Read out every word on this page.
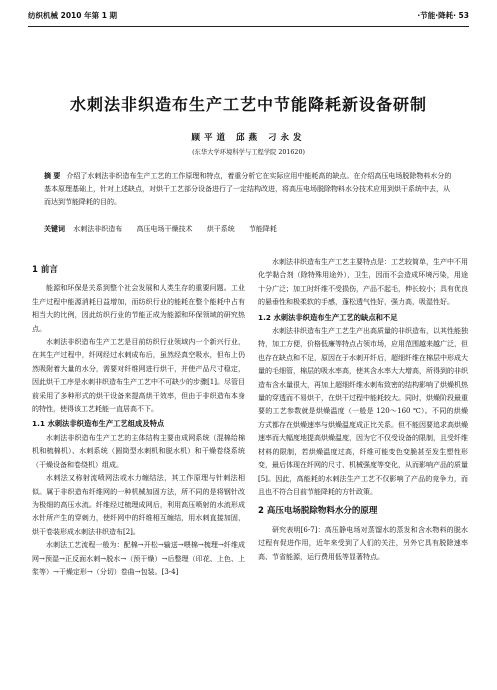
纺织机械 2010 年第 1 期	·节能·降耗· 53
水刺法非织造布生产工艺中节能降耗新设备研制
顾平道 邱燕 刁永发
(东华大学环境科学与工程学院 201620)
摘 要 介绍了水刺法非织造布生产工艺的工作原理和特点，着重分析它在实际应用中能耗高的缺点。在介绍高压电场脱除物料水分的基本原理基础上，针对上述缺点，对烘干工艺部分设备进行了一定结构改进，将高压电场脱除物料水分技术应用到烘干系统中去，从而达到节能降耗的目的。
关键词 水刺法非织造布 高压电场干燥技术 烘干系统 节能降耗
1 前言

能源和环保是关系到整个社会发展和人类生存的重要问题。工业生产过程中能源消耗日益增加，而纺织行业的能耗在整个能耗中占有相当大的比例，因此纺织行业的节能正成为能源和环保领域的研究热点。

水刺法非织造布生产工艺是目前纺织行业领域内一个新兴行业，在其生产过程中，纤网经过水刺成布后，虽然经真空吸水，但布上仍然吸附着大量的水分，需要对纤维网进行烘干，并使产品尺寸稳定，因此烘干工序是水刺非织造布生产工艺中不可缺少的步骤[1]。尽管目前采用了多种形式的烘干设备来提高烘干效率，但由于非织造布本身的特性，使得该工艺耗能一直居高不下。

1.1 水刺法非织造布生产工艺组成及特点

水刺法非织造布生产工艺的主体结构主要由成网系统（混棉给棉机和梳棉机）、水刺系统（圆筒型水刺机和脱水机）和干燥卷绕系统（干燥设备和卷绕机）组成。

水刺法又称射流喷网法或水力缠结法，其工作原理与针刺法相似。属于非织造布纤维网的一种机械加固方法，所不同的是将钢针改为极细的高压水流。纤维经过梳理成网后，利用高压喷射的水流形成水针所产生的穿刺力，使纤网中的纤维相互缠结，用水刺直接加固，烘干卷装形成水刺法非织造布[2]。

水刺法工艺流程一般为：配棉→开松→输送→喂棉→梳理→纤维成网→预湿→正反面水刺→脱水→（预干燥）→后整理（印花、上色、上浆等）→干燥定形→（分切）卷曲→包装。[3-4]

水刺法非织造布生产工艺主要特点是：工艺较简单，生产中不用化学黏合剂（除特殊用途外），卫生，因而不会造成环境污染，用途十分广泛；加工时纤维不受损伤，产品不起毛，伸长较小；具有优良的悬垂性和极柔软的手感，蓬松透气性好，强力高，吸湿性好。

1.2 水刺法非织造布生产工艺的缺点和不足

水刺法非织造布生产工艺生产出高质量的非织造布，以其性能独特，加工方便，价格低廉等特点占领市场，应用范围越来越广泛，但也存在缺点和不足，原因在于水刺开纤后，超细纤维在棉层中形成大量的毛细管，棉层的吸水率高，使其含水率大大增高，所得到的非织造布含水量很大，再加上超细纤维水刺布致密的结构影响了烘燥机热量的穿透而不易烘干，在烘干过程中能耗较大。同时，烘燥阶段最重要的工艺参数就是烘燥温度（一般是 120～160 ℃）。不同的烘燥方式都存在烘燥速率与烘燥温度成正比关系。但不能因要追求高烘燥速率而大幅度地提高烘燥温度，因为它不仅受设备的限制，且受纤维材料的限制，若烘燥温度过高，纤维可能变色变脆甚至发生塑性形变，最后体现在纤网的尺寸、机械强度等变化，从而影响产品的质量[5]。因此，高能耗的水刺法生产工艺不仅影响了产品的竞争力，而且也不符合目前节能降耗的方针政策。

2 高压电场脱除物料水分的原理

研究表明[6-7]：高压静电场对蒸馏水的蒸发和含水物料的脱水过程有促进作用，近年来受到了人们的关注，另外它具有脱除速率高、节省能源，运行费用低等显著特点。
